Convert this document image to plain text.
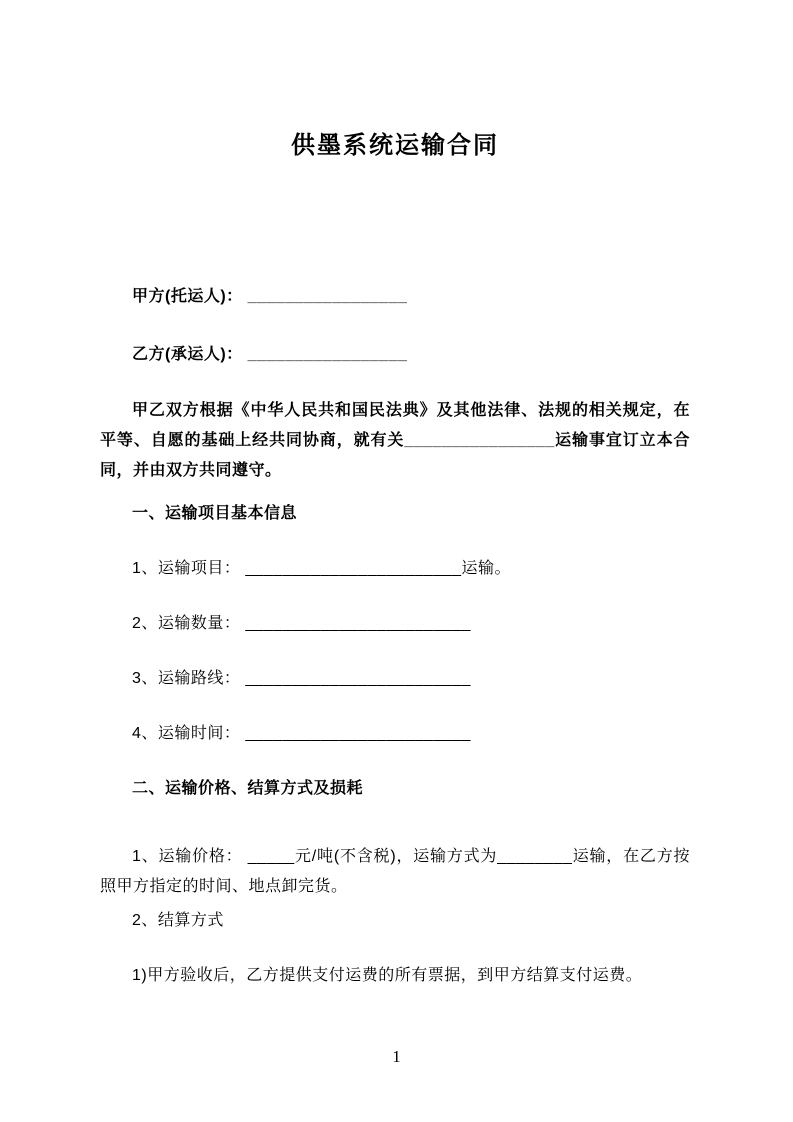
供墨系统运输合同

甲方(托运人)： _________________

乙方(承运人)： _________________

甲乙双方根据《中华人民共和国民法典》及其他法律、法规的相关规定，在平等、自愿的基础上经共同协商，就有关________________运输事宜订立本合同，并由双方共同遵守。

一、运输项目基本信息

1、运输项目： _______________________运输。

2、运输数量： ________________________

3、运输路线： ________________________

4、运输时间： ________________________

二、运输价格、结算方式及损耗

1、运输价格： _____元/吨(不含税)，运输方式为________运输，在乙方按照甲方指定的时间、地点卸完货。

2、结算方式

1)甲方验收后，乙方提供支付运费的所有票据，到甲方结算支付运费。

1
